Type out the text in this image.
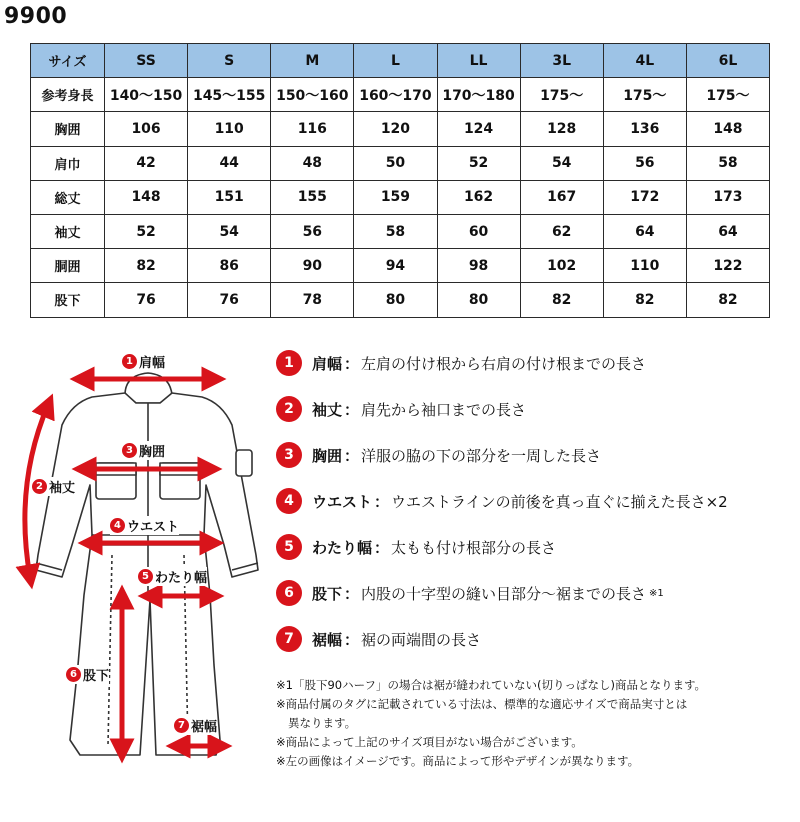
9900
サイズ	SS	S	M	L	LL	3L	4L	6L
参考身長	140〜150	145〜155	150〜160	160〜170	170〜180	175〜	175〜	175〜
胸囲	106	110	116	120	124	128	136	148
肩巾	42	44	48	50	52	54	56	58
総丈	148	151	155	159	162	167	172	173
袖丈	52	54	56	58	60	62	64	64
胴囲	82	86	90	94	98	102	110	122
股下	76	76	78	80	80	82	82	82
1 肩幅
2 袖丈
3 胸囲
4 ウエスト
5 わたり幅
6 股下
7 裾幅
1	肩幅 ： 左肩の付け根から右肩の付け根までの長さ
2	袖丈 ： 肩先から袖口までの長さ
3	胸囲 ： 洋服の脇の下の部分を一周した長さ
4	ウエスト ： ウエストラインの前後を真っ直ぐに揃えた長さ×2
5	わたり幅 ： 太もも付け根部分の長さ
6	股下 ： 内股の十字型の縫い目部分〜裾までの長さ ※1
7	裾幅 ： 裾の両端間の長さ
※1「股下90ハーフ」の場合は裾が縫われていない(切りっぱなし)商品となります。
※商品付属のタグに記載されている寸法は、標準的な適応サイズで商品実寸とは
異なります。
※商品によって上記のサイズ項目がない場合がございます。
※左の画像はイメージです。商品によって形やデザインが異なります。
